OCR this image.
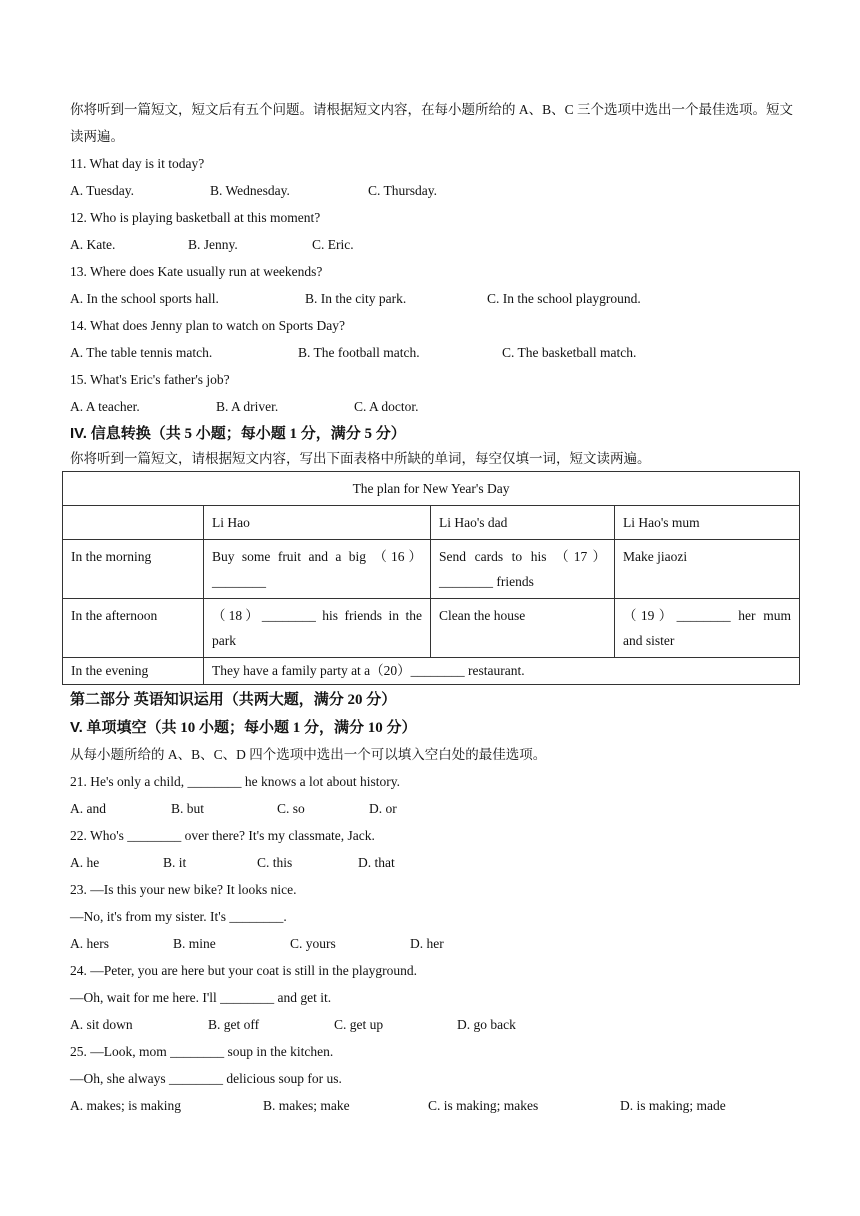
你将听到一篇短文，短文后有五个问题。请根据短文内容，在每小题所给的 A、B、C 三个选项中选出一个最佳选项。短文读两遍。
11. What day is it today?
A. Tuesday.	B. Wednesday.	C. Thursday.
12. Who is playing basketball at this moment?
A. Kate.	B. Jenny.	C. Eric.
13. Where does Kate usually run at weekends?
A. In the school sports hall.	B. In the city park.	C. In the school playground.
14. What does Jenny plan to watch on Sports Day?
A. The table tennis match.	B. The football match.	C. The basketball match.
15. What's Eric's father's job?
A. A teacher.	B. A driver.	C. A doctor.
IV. 信息转换（共 5 小题；每小题 1 分，满分 5 分）
你将听到一篇短文，请根据短文内容，写出下面表格中所缺的单词，每空仅填一词，短文读两遍。
The plan for New Year's Day			
	Li Hao	Li Hao's dad	Li Hao's mum
In the morning	Buy some fruit and a big （16）________	Send cards to his （17）________ friends	Make jiaozi
In the afternoon	（18）________ his friends in the park	Clean the house	（19）________ her mum and sister
In the evening	They have a family party at a（20）________ restaurant.		
第二部分 英语知识运用（共两大题，满分 20 分）
V. 单项填空（共 10 小题；每小题 1 分，满分 10 分）
从每小题所给的 A、B、C、D 四个选项中选出一个可以填入空白处的最佳选项。
21. He's only a child, ________ he knows a lot about history.
A. and	B. but	C. so	D. or
22. Who's ________ over there? It's my classmate, Jack.
A. he	B. it	C. this	D. that
23. —Is this your new bike? It looks nice.
—No, it's from my sister. It's ________.
A. hers	B. mine	C. yours	D. her
24. —Peter, you are here but your coat is still in the playground.
—Oh, wait for me here. I'll ________ and get it.
A. sit down	B. get off	C. get up	D. go back
25. —Look, mom ________ soup in the kitchen.
—Oh, she always ________ delicious soup for us.
A. makes; is making	B. makes; make	C. is making; makes	D. is making; made
